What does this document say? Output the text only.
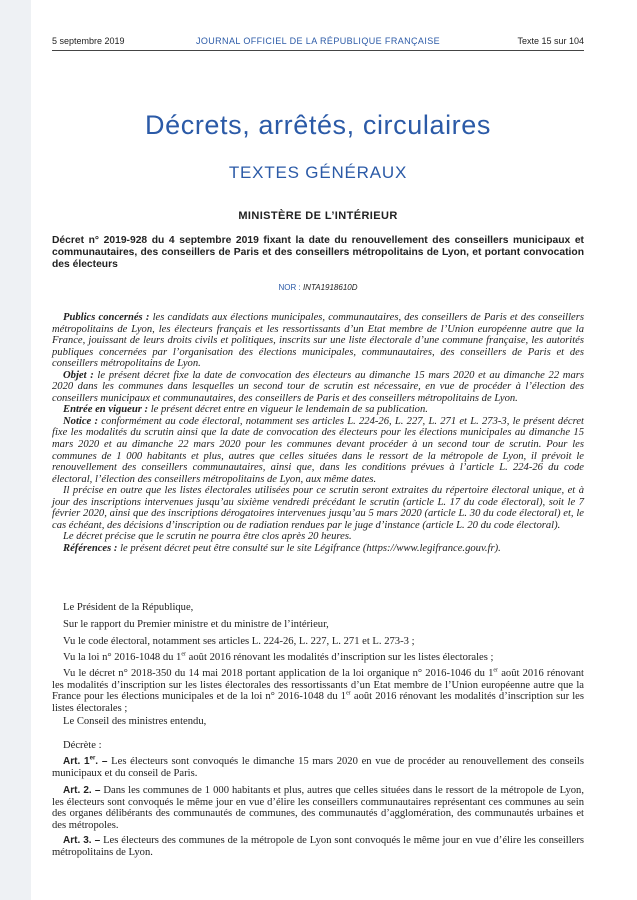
5 septembre 2019	JOURNAL OFFICIEL DE LA RÉPUBLIQUE FRANÇAISE	Texte 15 sur 104
Décrets, arrêtés, circulaires
TEXTES GÉNÉRAUX
MINISTÈRE DE L’INTÉRIEUR
Décret n° 2019-928 du 4 septembre 2019 fixant la date du renouvellement des conseillers municipaux et communautaires, des conseillers de Paris et des conseillers métropolitains de Lyon, et portant convocation des électeurs
NOR : INTA1918610D

Publics concernés : les candidats aux élections municipales, communautaires, des conseillers de Paris et des conseillers métropolitains de Lyon, les électeurs français et les ressortissants d’un Etat membre de l’Union européenne autre que la France, jouissant de leurs droits civils et politiques, inscrits sur une liste électorale d’une commune française, les autorités publiques concernées par l’organisation des élections municipales, communautaires, des conseillers de Paris et des conseillers métropolitains de Lyon.

Objet : le présent décret fixe la date de convocation des électeurs au dimanche 15 mars 2020 et au dimanche 22 mars 2020 dans les communes dans lesquelles un second tour de scrutin est nécessaire, en vue de procéder à l’élection des conseillers municipaux et communautaires, des conseillers de Paris et des conseillers métropolitains de Lyon.

Entrée en vigueur : le présent décret entre en vigueur le lendemain de sa publication.

Notice : conformément au code électoral, notamment ses articles L. 224-26, L. 227, L. 271 et L. 273-3, le présent décret fixe les modalités du scrutin ainsi que la date de convocation des électeurs pour les élections municipales au dimanche 15 mars 2020 et au dimanche 22 mars 2020 pour les communes devant procéder à un second tour de scrutin. Pour les communes de 1 000 habitants et plus, autres que celles situées dans le ressort de la métropole de Lyon, il prévoit le renouvellement des conseillers communautaires, ainsi que, dans les conditions prévues à l’article L. 224-26 du code électoral, l’élection des conseillers métropolitains de Lyon, aux même dates.

Il précise en outre que les listes électorales utilisées pour ce scrutin seront extraites du répertoire électoral unique, et à jour des inscriptions intervenues jusqu’au sixième vendredi précédant le scrutin (article L. 17 du code électoral), soit le 7 février 2020, ainsi que des inscriptions dérogatoires intervenues jusqu’au 5 mars 2020 (article L. 30 du code électoral) et, le cas échéant, des décisions d’inscription ou de radiation rendues par le juge d’instance (article L. 20 du code électoral).

Le décret précise que le scrutin ne pourra être clos après 20 heures.

Références : le présent décret peut être consulté sur le site Légifrance (https://www.legifrance.gouv.fr).

Le Président de la République,

Sur le rapport du Premier ministre et du ministre de l’intérieur,

Vu le code électoral, notamment ses articles L. 224-26, L. 227, L. 271 et L. 273-3 ;

Vu la loi n° 2016-1048 du 1er août 2016 rénovant les modalités d’inscription sur les listes électorales ;

Vu le décret n° 2018-350 du 14 mai 2018 portant application de la loi organique n° 2016-1046 du 1er août 2016 rénovant les modalités d’inscription sur les listes électorales des ressortissants d’un Etat membre de l’Union européenne autre que la France pour les élections municipales et de la loi n° 2016-1048 du 1er août 2016 rénovant les modalités d’inscription sur les listes électorales ;

Le Conseil des ministres entendu,

Décrète :

Art. 1er. – Les électeurs sont convoqués le dimanche 15 mars 2020 en vue de procéder au renouvellement des conseils municipaux et du conseil de Paris.

Art. 2. – Dans les communes de 1 000 habitants et plus, autres que celles situées dans le ressort de la métropole de Lyon, les électeurs sont convoqués le même jour en vue d’élire les conseillers communautaires représentant ces communes au sein des organes délibérants des communautés de communes, des communautés d’agglomération, des communautés urbaines et des métropoles.

Art. 3. – Les électeurs des communes de la métropole de Lyon sont convoqués le même jour en vue d’élire les conseillers métropolitains de Lyon.
